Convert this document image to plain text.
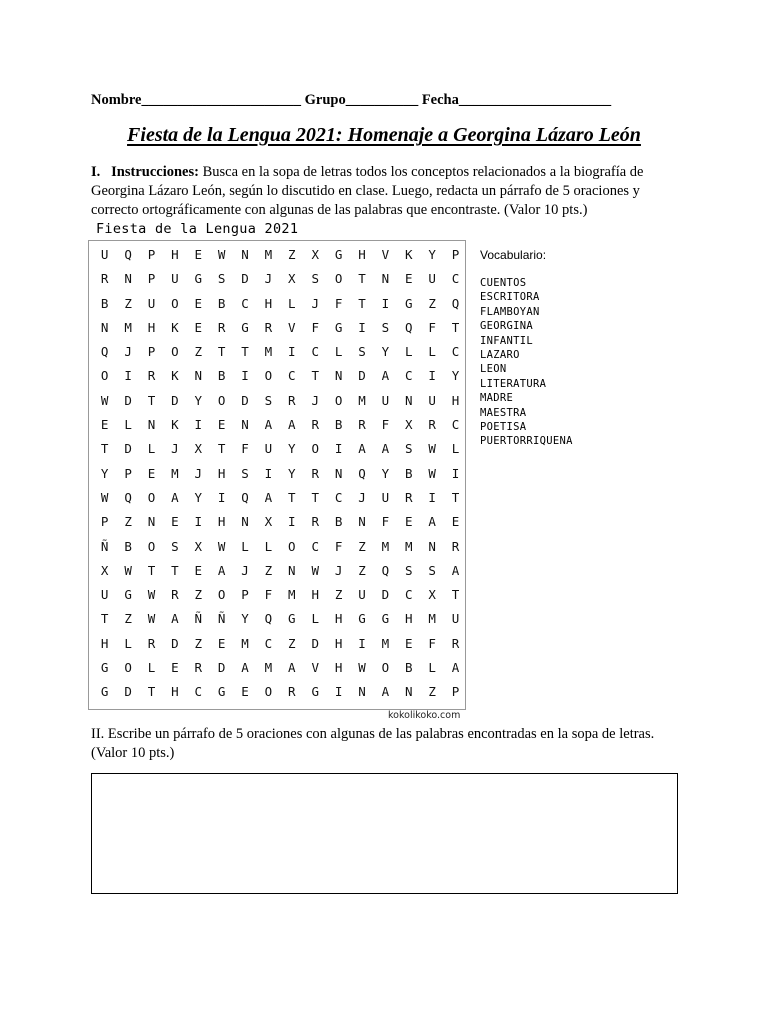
Nombre______________________ Grupo__________ Fecha_____________________
Fiesta de la Lengua 2021: Homenaje a Georgina Lázaro León
I. Instrucciones: Busca en la sopa de letras todos los conceptos relacionados a la biografía de Georgina Lázaro León, según lo discutido en clase. Luego, redacta un párrafo de 5 oraciones y correcto ortográficamente con algunas de las palabras que encontraste. (Valor 10 pts.)
Fiesta de la Lengua 2021
U	Q	P	H	E	W	N	M	Z	X	G	H	V	K	Y	P
R	N	P	U	G	S	D	J	X	S	O	T	N	E	U	C
B	Z	U	O	E	B	C	H	L	J	F	T	I	G	Z	Q
N	M	H	K	E	R	G	R	V	F	G	I	S	Q	F	T
Q	J	P	O	Z	T	T	M	I	C	L	S	Y	L	L	C
O	I	R	K	N	B	I	O	C	T	N	D	A	C	I	Y
W	D	T	D	Y	O	D	S	R	J	O	M	U	N	U	H
E	L	N	K	I	E	N	A	A	R	B	R	F	X	R	C
T	D	L	J	X	T	F	U	Y	O	I	A	A	S	W	L
Y	P	E	M	J	H	S	I	Y	R	N	Q	Y	B	W	I
W	Q	O	A	Y	I	Q	A	T	T	C	J	U	R	I	T
P	Z	N	E	I	H	N	X	I	R	B	N	F	E	A	E
Ñ	B	O	S	X	W	L	L	O	C	F	Z	M	M	N	R
X	W	T	T	E	A	J	Z	N	W	J	Z	Q	S	S	A
U	G	W	R	Z	O	P	F	M	H	Z	U	D	C	X	T
T	Z	W	A	Ñ	Ñ	Y	Q	G	L	H	G	G	H	M	U
H	L	R	D	Z	E	M	C	Z	D	H	I	M	E	F	R
G	O	L	E	R	D	A	M	A	V	H	W	O	B	L	A
G	D	T	H	C	G	E	O	R	G	I	N	A	N	Z	P
kokolikoko.com
Vocabulario:
CUENTOS
ESCRITORA
FLAMBOYAN
GEORGINA
INFANTIL
LAZARO
LEON
LITERATURA
MADRE
MAESTRA
POETISA
PUERTORRIQUENA
II. Escribe un párrafo de 5 oraciones con algunas de las palabras encontradas en la sopa de letras. (Valor 10 pts.)
